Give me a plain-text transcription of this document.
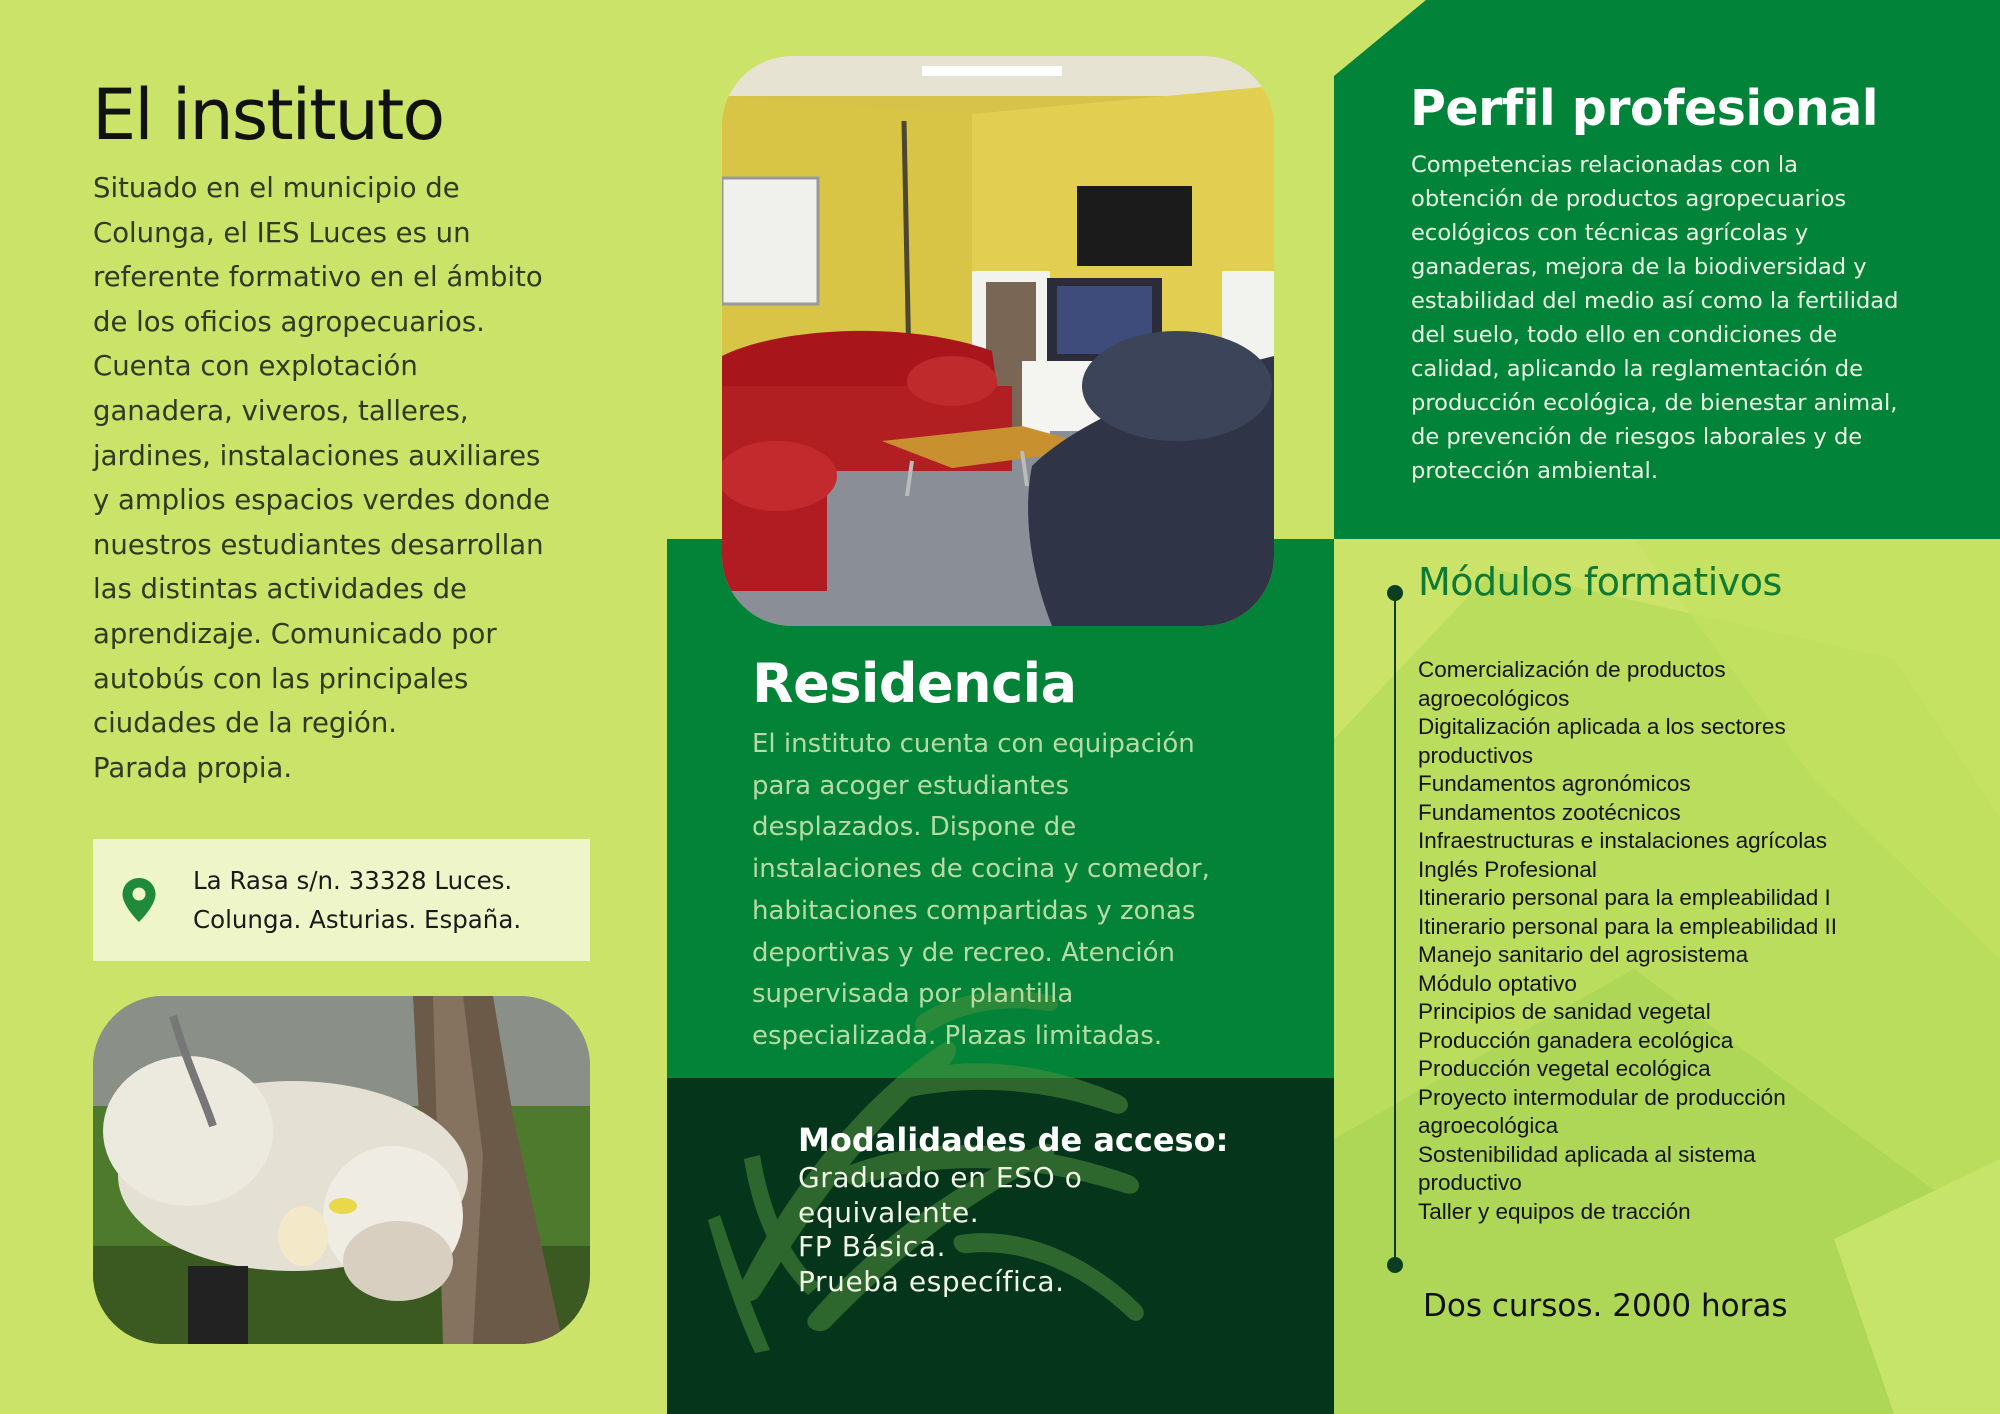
El instituto

Situado en el municipio de
Colunga, el IES Luces es un
referente formativo en el ámbito
de los oficios agropecuarios.
Cuenta con explotación
ganadera, viveros, talleres,
jardines, instalaciones auxiliares
y amplios espacios verdes donde
nuestros estudiantes desarrollan
las distintas actividades de
aprendizaje. Comunicado por
autobús con las principales
ciudades de la región.
Parada propia.

La Rasa s/n. 33328 Luces.
Colunga. Asturias. España.
Residencia

El instituto cuenta con equipación
para acoger estudiantes
desplazados. Dispone de
instalaciones de cocina y comedor,
habitaciones compartidas y zonas
deportivas y de recreo. Atención
supervisada por plantilla
especializada. Plazas limitadas.

Modalidades de acceso:
Graduado en ESO o
equivalente.
FP Básica.
Prueba específica.
Perfil profesional

Competencias relacionadas con la
obtención de productos agropecuarios
ecológicos con técnicas agrícolas y
ganaderas, mejora de la biodiversidad y
estabilidad del medio así como la fertilidad
del suelo, todo ello en condiciones de
calidad, aplicando la reglamentación de
producción ecológica, de bienestar animal,
de prevención de riesgos laborales y de
protección ambiental.

Módulos formativos
Comercialización de productos
agroecológicos
Digitalización aplicada a los sectores
productivos
Fundamentos agronómicos
Fundamentos zootécnicos
Infraestructuras e instalaciones agrícolas
Inglés Profesional
Itinerario personal para la empleabilidad I
Itinerario personal para la empleabilidad II
Manejo sanitario del agrosistema
Módulo optativo
Principios de sanidad vegetal
Producción ganadera ecológica
Producción vegetal ecológica
Proyecto intermodular de producción
agroecológica
Sostenibilidad aplicada al sistema
productivo
Taller y equipos de tracción
Dos cursos. 2000 horas
